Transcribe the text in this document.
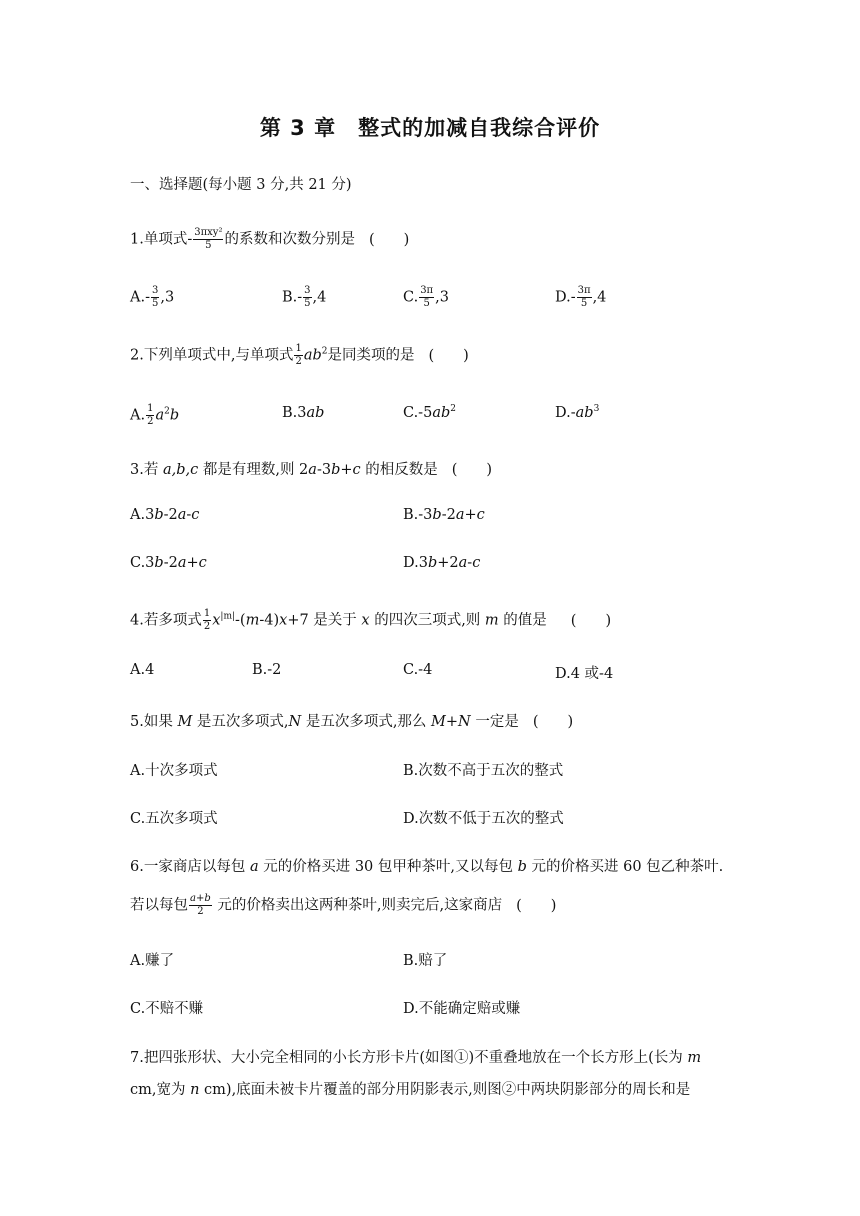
第 3 章　整式的加减自我综合评价
一、选择题(每小题 3 分,共 21 分)
1.单项式- $\frac{\text{3πxy²}}{5}$ 的系数和次数分别是 (　　)
$A.- \frac{3}{5} ,3$	$B.- \frac{3}{5} ,4$	C. $\frac{3\pi}{5} ,3$	$D.- \frac{3\pi}{5} ,4$
2.下列单项式中,与单项式 $\frac{1}{2} ab^2$是同类项的是 (　　)
A. $\frac{1}{2} a^2b$	B.3ab	$C.-5ab^2$	$D.-ab^3$
3.若 a,b,c 都是有理数,则 2a-3b+c 的相反数是 (　　)
A.3b-2a-c	B.-3b-2a+c
C.3b-2a+c	D.3b+2a-c
4.若多项式 $\frac{1}{2} x^{|m|}-(m-4)x+7$ 是关于 x 的四次三项式,则 m 的值是 (　　)
A.4	B.-2	C.-4	D.4 或-4
5.如果 M 是五次多项式,N 是五次多项式,那么 M+N 一定是 (　　)
A.十次多项式	B.次数不高于五次的整式
C.五次多项式	D.次数不低于五次的整式
6.一家商店以每包 a 元的价格买进 30 包甲种茶叶,又以每包 b 元的价格买进 60 包乙种茶叶.
若以每包 $\frac{a+b}{2}$ 元的价格卖出这两种茶叶,则卖完后,这家商店 (　　)
A.赚了	B.赔了
C.不赔不赚	D.不能确定赔或赚
7.把四张形状、大小完全相同的小长方形卡片(如图①)不重叠地放在一个长方形上(长为 m
cm,宽为 n cm),底面未被卡片覆盖的部分用阴影表示,则图②中两块阴影部分的周长和是
